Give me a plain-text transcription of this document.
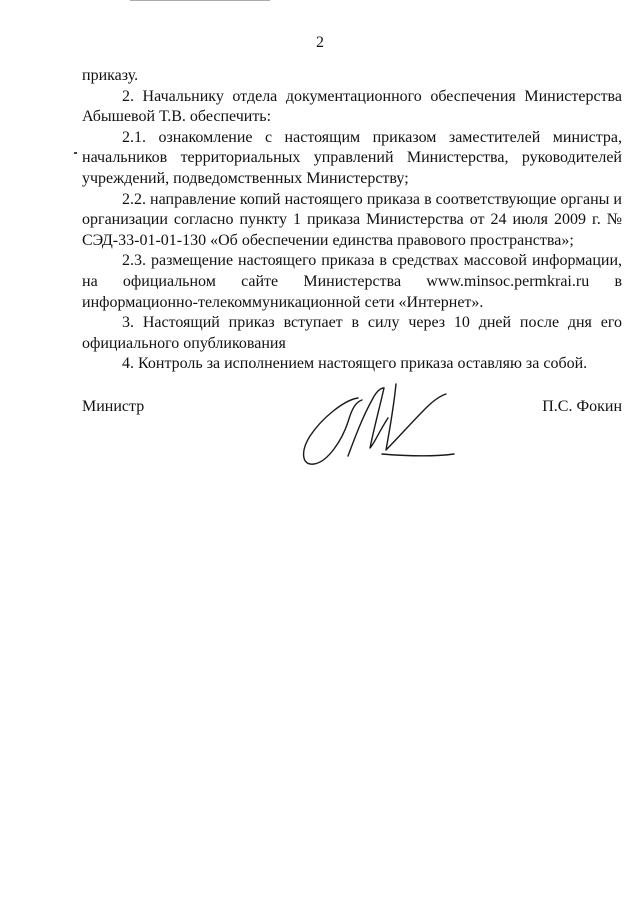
2

приказу.

2. Начальнику отдела документационного обеспечения Министерства Абышевой Т.В. обеспечить:

2.1. ознакомление с настоящим приказом заместителей министра, начальников территориальных управлений Министерства, руководителей учреждений, подведомственных Министерству;

2.2. направление копий настоящего приказа в соответствующие органы и организации согласно пункту 1 приказа Министерства от 24 июля 2009 г. № СЭД-33-01-01-130 «Об обеспечении единства правового пространства»;

2.3. размещение настоящего приказа в средствах массовой информации, на официальном сайте Министерства www.minsoc.permkrai.ru в информационно-телекоммуникационной сети «Интернет».

3. Настоящий приказ вступает в силу через 10 дней после дня его официального опубликования

4. Контроль за исполнением настоящего приказа оставляю за собой.

Министр	П.С. Фокин
